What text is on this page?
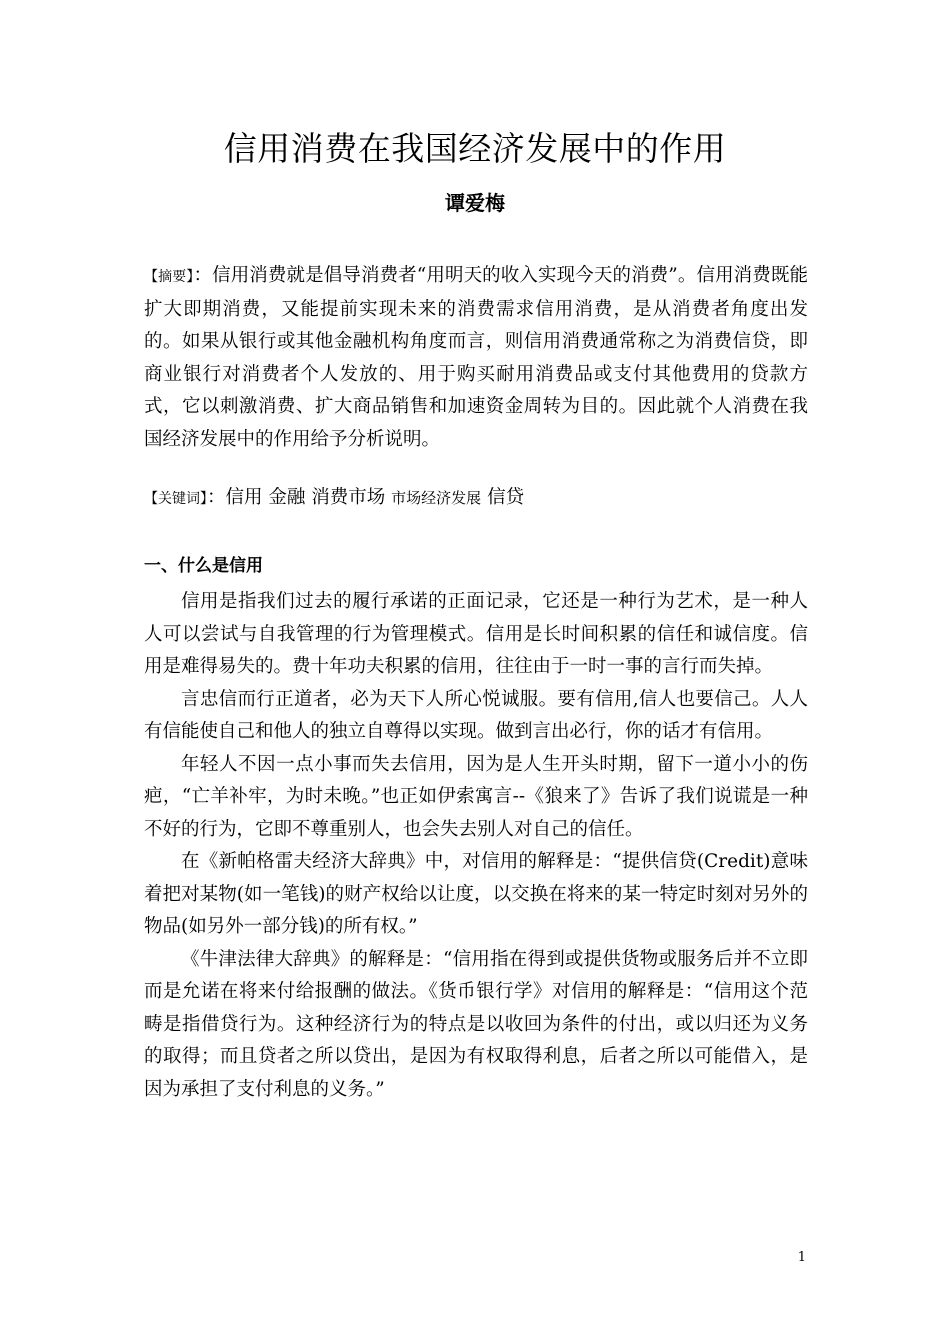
信用消费在我国经济发展中的作用
谭爱梅
【摘要】：信用消费就是倡导消费者“用明天的收入实现今天的消费”。信用消费既能扩大即期消费，又能提前实现未来的消费需求信用消费，是从消费者角度出发的。如果从银行或其他金融机构角度而言，则信用消费通常称之为消费信贷，即商业银行对消费者个人发放的、用于购买耐用消费品或支付其他费用的贷款方式，它以刺激消费、扩大商品销售和加速资金周转为目的。因此就个人消费在我国经济发展中的作用给予分析说明。
【关键词】：信用 金融 消费市场 市场经济发展 信贷
一、什么是信用

信用是指我们过去的履行承诺的正面记录，它还是一种行为艺术，是一种人人可以尝试与自我管理的行为管理模式。信用是长时间积累的信任和诚信度。信用是难得易失的。费十年功夫积累的信用，往往由于一时一事的言行而失掉。

言忠信而行正道者，必为天下人所心悦诚服。要有信用,信人也要信己。人人有信能使自己和他人的独立自尊得以实现。做到言出必行，你的话才有信用。

年轻人不因一点小事而失去信用，因为是人生开头时期，留下一道小小的伤疤，“亡羊补牢，为时未晚。”也正如伊索寓言--《狼来了》告诉了我们说谎是一种不好的行为，它即不尊重别人，也会失去别人对自己的信任。

在《新帕格雷夫经济大辞典》中，对信用的解释是：“提供信贷(Credit)意味着把对某物(如一笔钱)的财产权给以让度，以交换在将来的某一特定时刻对另外的物品(如另外一部分钱)的所有权。”

《牛津法律大辞典》的解释是：“信用指在得到或提供货物或服务后并不立即而是允诺在将来付给报酬的做法。《货币银行学》对信用的解释是：“信用这个范畴是指借贷行为。这种经济行为的特点是以收回为条件的付出，或以归还为义务的取得；而且贷者之所以贷出，是因为有权取得利息，后者之所以可能借入，是因为承担了支付利息的义务。”

1
